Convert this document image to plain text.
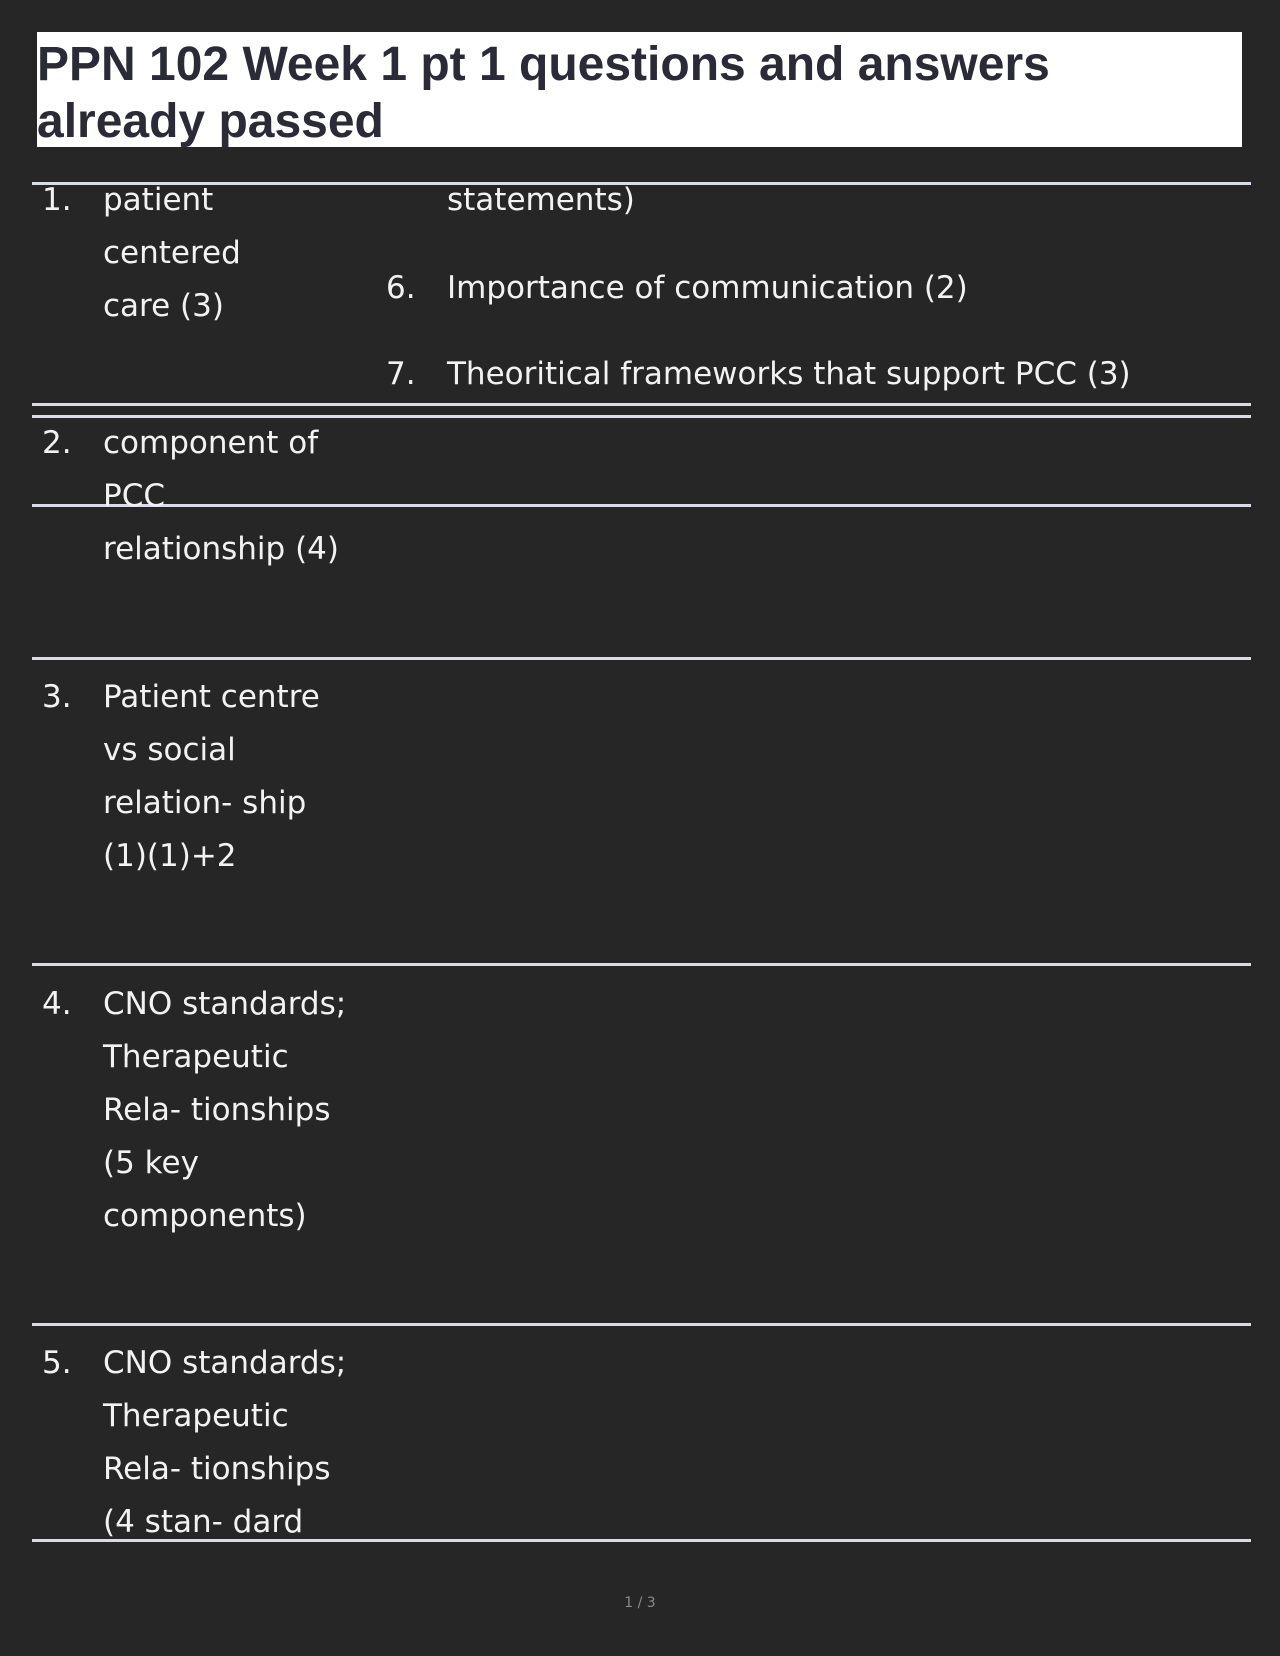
PPN 102 Week 1 pt 1 questions and answers
already passed
1. patient
centered
care (3)
statements)
6. Importance of communication (2)
7. Theoritical frameworks that support PCC (3)
2. component of
PCC
relationship (4)
3. Patient centre
vs social
relation- ship
(1)(1)+2
4. CNO standards;
Therapeutic
Rela- tionships
(5 key
components)
5. CNO standards;
Therapeutic
Rela- tionships
(4 stan- dard
1 / 3
